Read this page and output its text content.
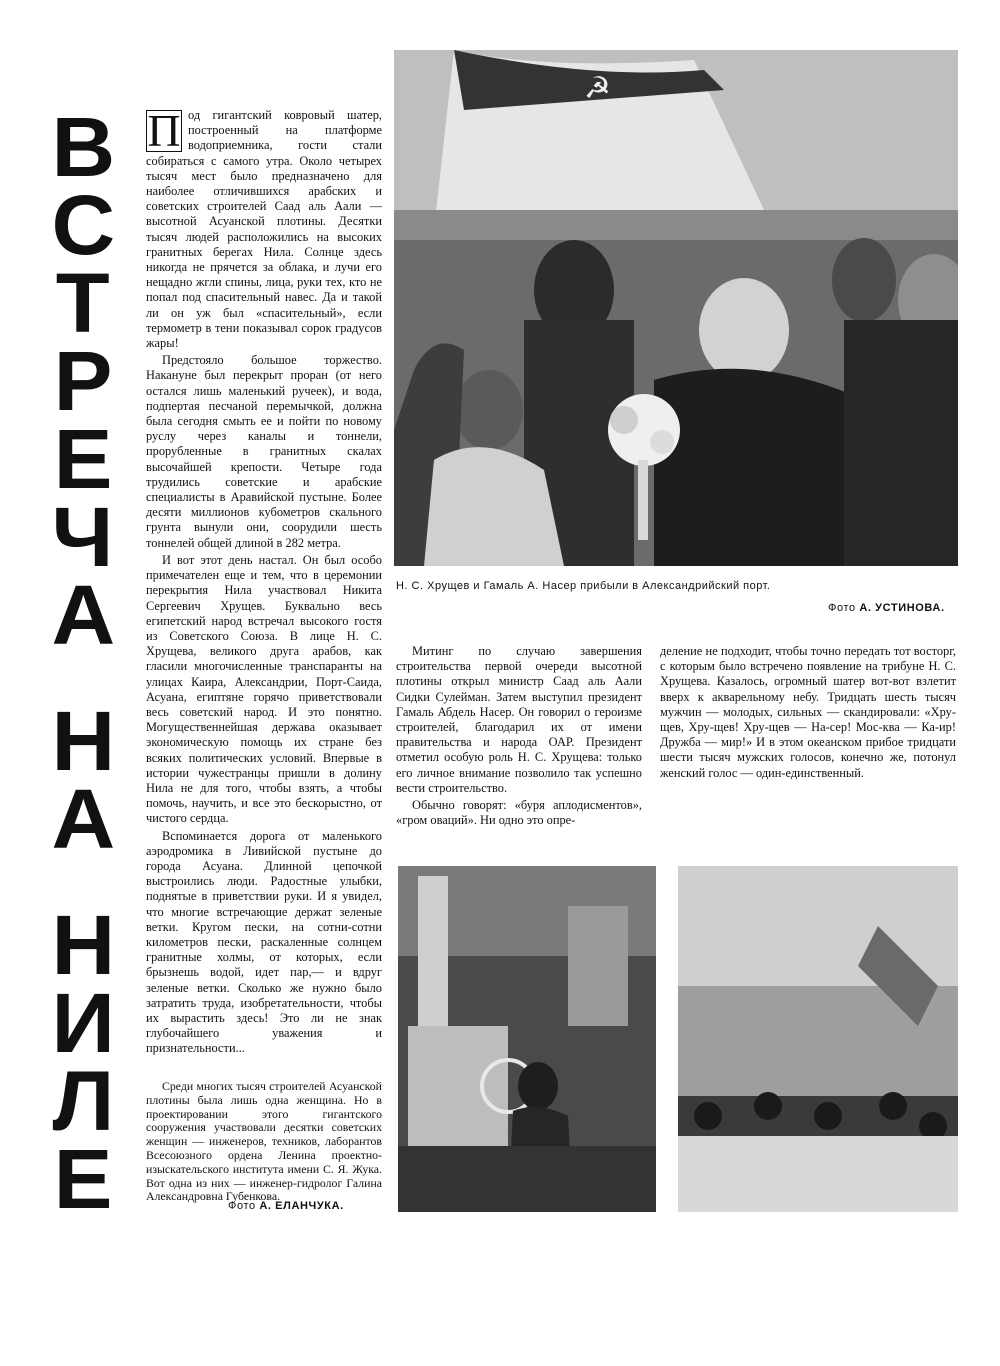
В
С
Т
Р
Е
Ч
А
Н
А
Н
И
Л
Е

П од гигантский ковровый шатер, построенный на платформе водоприемника, гости стали собираться с самого утра. Около четырех тысяч мест было предназначено для наиболее отличившихся арабских и советских строителей Саад аль Аали — высотной Асуанской плотины. Десятки тысяч людей расположились на высоких гранитных берегах Нила. Солнце здесь никогда не прячется за облака, и лучи его нещадно жгли спины, лица, руки тех, кто не попал под спасительный навес. Да и такой ли он уж был «спасительный», если термометр в тени показывал сорок градусов жары!

Предстояло большое торжество. Накануне был перекрыт проран (от него остался лишь маленький ручеек), и вода, подпертая песчаной перемычкой, должна была сегодня смыть ее и пойти по новому руслу через каналы и тоннели, прорубленные в гранитных скалах высочайшей крепости. Четыре года трудились советские и арабские специалисты в Аравийской пустыне. Более десяти миллионов кубометров скального грунта вынули они, соорудили шесть тоннелей общей длиной в 282 метра.

И вот этот день настал. Он был особо примечателен еще и тем, что в церемонии перекрытия Нила участвовал Никита Сергеевич Хрущев. Буквально весь египетский народ встречал высокого гостя из Советского Союза. В лице Н. С. Хрущева, великого друга арабов, как гласили многочисленные транспаранты на улицах Каира, Александрии, Порт-Саида, Асуана, египтяне горячо приветствовали весь советский народ. И это понятно. Могущественнейшая держава оказывает экономическую помощь их стране без всяких политических условий. Впервые в истории чужестранцы пришли в долину Нила не для того, чтобы взять, а чтобы помочь, научить, и все это бескорыстно, от чистого сердца.

Вспоминается дорога от маленького аэродромика в Ливийской пустыне до города Асуана. Длинной цепочкой выстроились люди. Радостные улыбки, поднятые в приветствии руки. И я увидел, что многие встречающие держат зеленые ветки. Кругом пески, на сотни-сотни километров пески, раскаленные солнцем гранитные холмы, от которых, если брызнешь водой, идет пар,— и вдруг зеленые ветки. Сколько же нужно было затратить труда, изобретательности, чтобы их вырастить здесь! Это ли не знак глубочайшего уважения и признательности...

Среди многих тысяч строителей Асуанской плотины была лишь одна женщина. Но в проектировании этого гигантского сооружения участвовали десятки советских женщин — инженеров, техников, лаборантов Всесоюзного ордена Ленина проектно-изыскательского института имени С. Я. Жука. Вот одна из них — инженер-гидролог Галина Александровна Губенкова.

Фото А. ЕЛАНЧУКА.
☭
Н. С. Хрущев и Гамаль А. Насер прибыли в Александрийский порт.
Фото А. УСТИНОВА.

Митинг по случаю завершения строительства первой очереди высотной плотины открыл министр Саад аль Аали Сидки Сулейман. Затем выступил президент Гамаль Абдель Насер. Он говорил о героизме строителей, благодарил их от имени правительства и народа ОАР. Президент отметил особую роль Н. С. Хрущева: только его личное внимание позволило так успешно вести строительство.

Обычно говорят: «буря аплодисментов», «гром оваций». Ни одно это опре-

деление не подходит, чтобы точно передать тот восторг, с которым было встречено появление на трибуне Н. С. Хрущева. Казалось, огромный шатер вот-вот взлетит вверх к акварельному небу. Тридцать шесть тысяч мужчин — молодых, сильных — скандировали: «Хру-щев, Хру-щев! Хру-щев — На-сер! Мос-ква — Ка-ир! Дружба — мир!» И в этом океанском прибое тридцати шести тысяч мужских голосов, конечно же, потонул женский голос — один-единственный.
